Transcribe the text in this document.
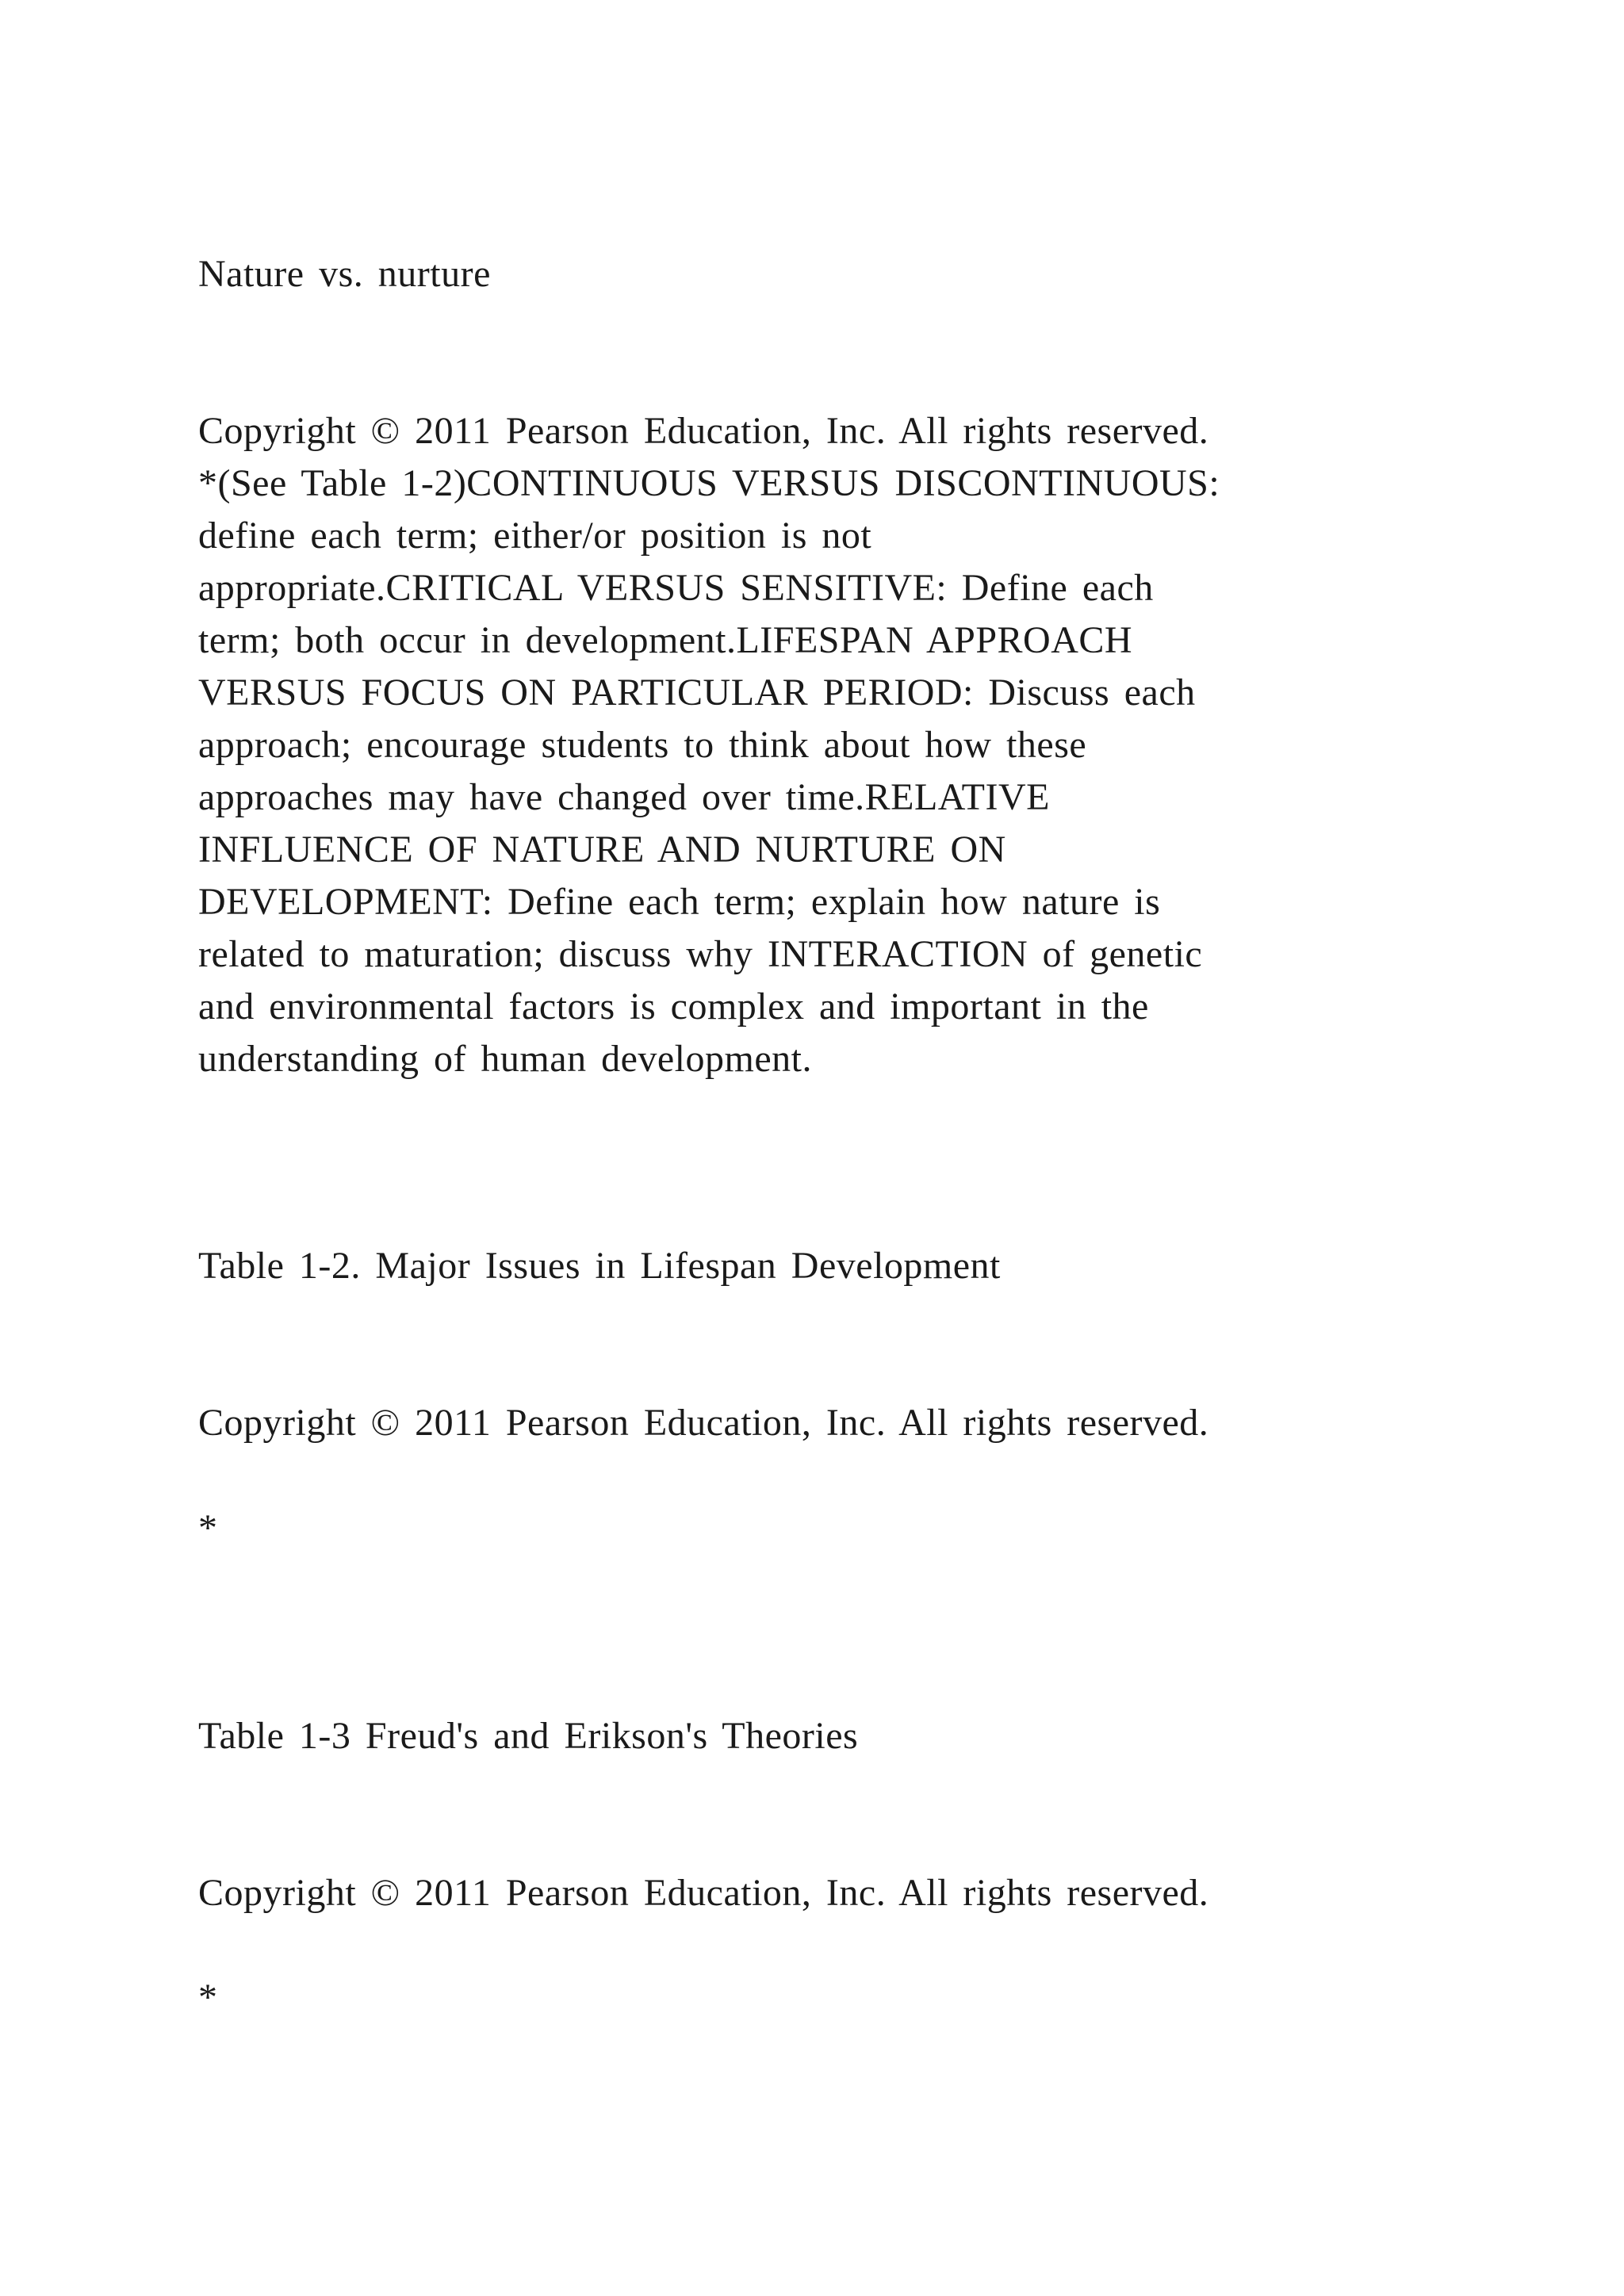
Nature vs. nurture
Copyright © 2011 Pearson Education, Inc. All rights reserved.
*(See Table 1-2)CONTINUOUS VERSUS DISCONTINUOUS:
define each term; either/or position is not
appropriate.CRITICAL VERSUS SENSITIVE: Define each
term; both occur in development.LIFESPAN APPROACH
VERSUS FOCUS ON PARTICULAR PERIOD: Discuss each
approach; encourage students to think about how these
approaches may have changed over time.RELATIVE
INFLUENCE OF NATURE AND NURTURE ON
DEVELOPMENT: Define each term; explain how nature is
related to maturation; discuss why INTERACTION of genetic
and environmental factors is complex and important in the
understanding of human development.
Table 1-2. Major Issues in Lifespan Development
Copyright © 2011 Pearson Education, Inc. All rights reserved.
*
Table 1-3 Freud's and Erikson's Theories
Copyright © 2011 Pearson Education, Inc. All rights reserved.
*
